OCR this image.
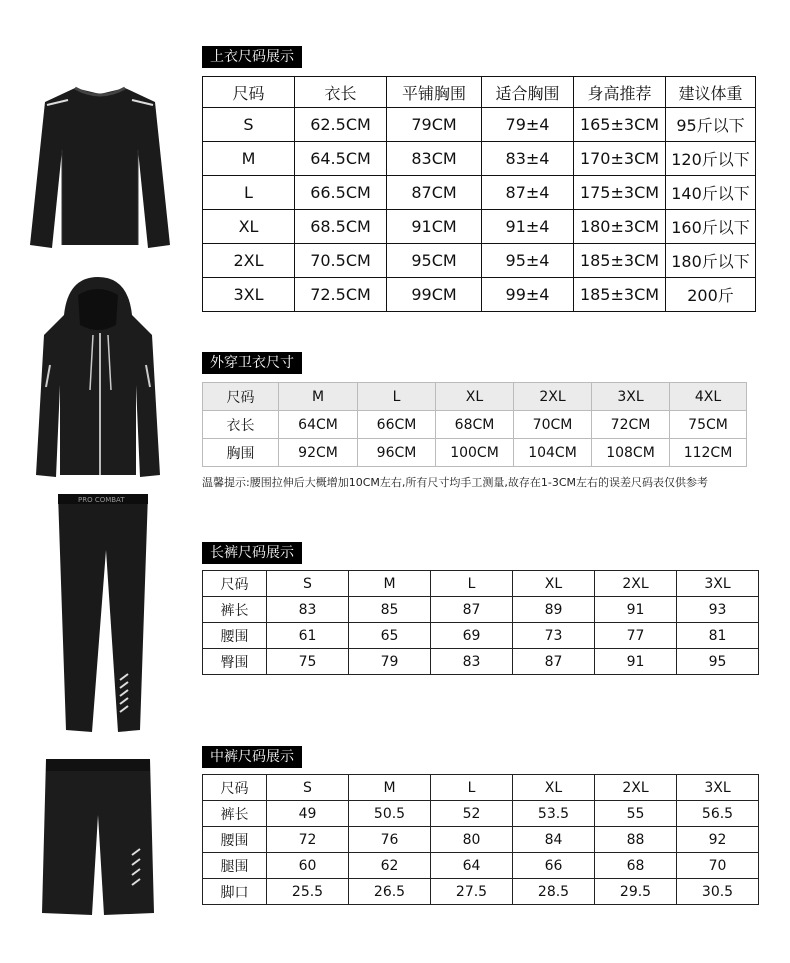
PRO COMBAT
上衣尺码展示
尺码	衣长	平铺胸围	适合胸围	身高推荐	建议体重
S	62.5CM	79CM	79±4	165±3CM	95斤以下
M	64.5CM	83CM	83±4	170±3CM	120斤以下
L	66.5CM	87CM	87±4	175±3CM	140斤以下
XL	68.5CM	91CM	91±4	180±3CM	160斤以下
2XL	70.5CM	95CM	95±4	185±3CM	180斤以下
3XL	72.5CM	99CM	99±4	185±3CM	200斤
外穿卫衣尺寸
尺码	M	L	XL	2XL	3XL	4XL
衣长	64CM	66CM	68CM	70CM	72CM	75CM
胸围	92CM	96CM	100CM	104CM	108CM	112CM
温馨提示:腰围拉伸后大概增加10CM左右,所有尺寸均手工测量,故存在1-3CM左右的误差尺码表仅供参考
长裤尺码展示
尺码	S	M	L	XL	2XL	3XL
裤长	83	85	87	89	91	93
腰围	61	65	69	73	77	81
臀围	75	79	83	87	91	95
中裤尺码展示
尺码	S	M	L	XL	2XL	3XL
裤长	49	50.5	52	53.5	55	56.5
腰围	72	76	80	84	88	92
腿围	60	62	64	66	68	70
脚口	25.5	26.5	27.5	28.5	29.5	30.5
